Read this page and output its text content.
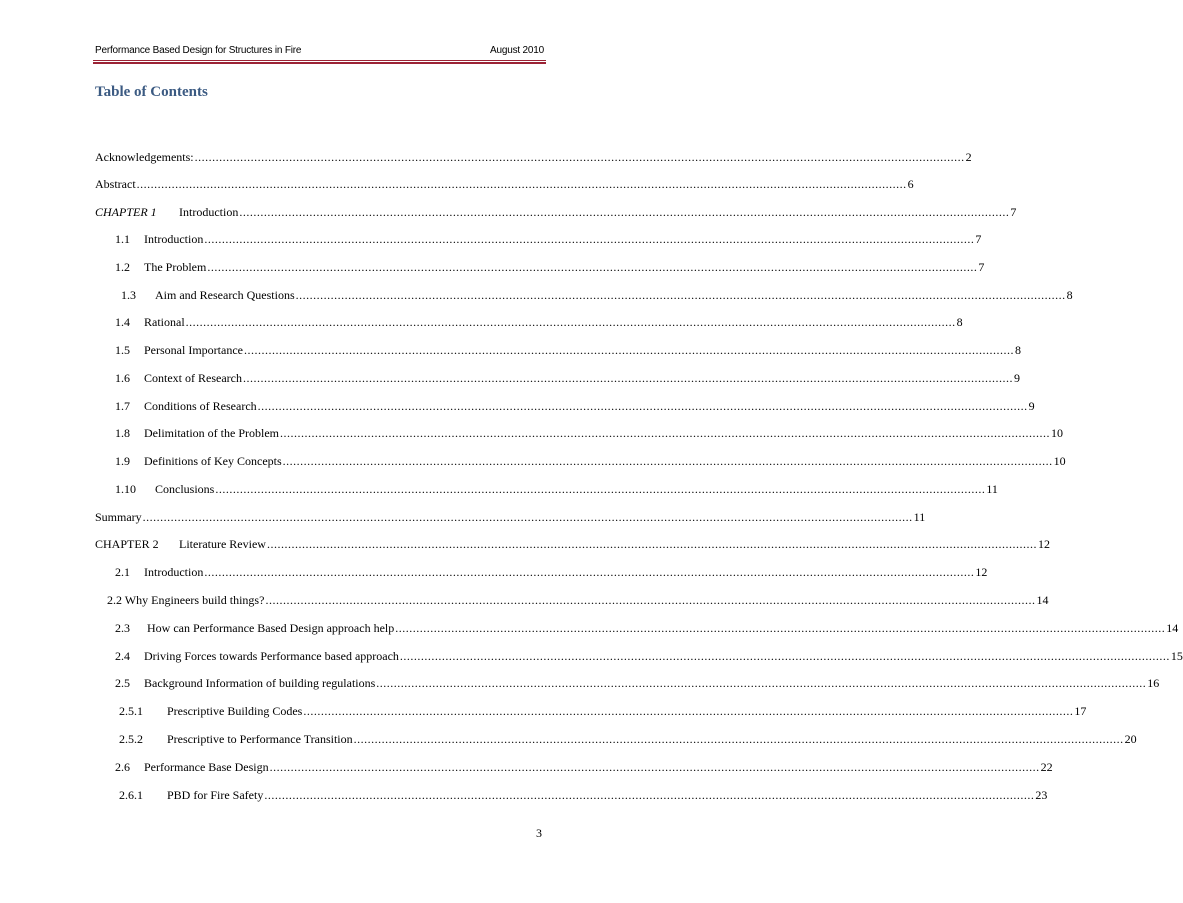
Performance Based Design for Structures in Fire	August 2010
Table of Contents
Acknowledgements: ............................................................................................................................................................................................................................ 2
Abstract ............................................................................................................................................................................................................................ 6
CHAPTER 1	Introduction ............................................................................................................................................................................................................................ 7
1.1	Introduction ............................................................................................................................................................................................................................ 7
1.2	The Problem ............................................................................................................................................................................................................................ 7
1.3	Aim and Research Questions ............................................................................................................................................................................................................................ 8
1.4	Rational ............................................................................................................................................................................................................................ 8
1.5	Personal Importance ............................................................................................................................................................................................................................ 8
1.6	Context of Research ............................................................................................................................................................................................................................ 9
1.7	Conditions of Research ............................................................................................................................................................................................................................ 9
1.8	Delimitation of the Problem ............................................................................................................................................................................................................................ 10
1.9	Definitions of Key Concepts ............................................................................................................................................................................................................................ 10
1.10	Conclusions ............................................................................................................................................................................................................................ 11
Summary ............................................................................................................................................................................................................................ 11
CHAPTER 2	Literature Review ............................................................................................................................................................................................................................ 12
2.1	Introduction ............................................................................................................................................................................................................................ 12
2.2 Why Engineers build things? ............................................................................................................................................................................................................................ 14
2.3	How can Performance Based Design approach help ............................................................................................................................................................................................................................ 14
2.4	Driving Forces towards Performance based approach ............................................................................................................................................................................................................................ 15
2.5	Background Information of building regulations ............................................................................................................................................................................................................................ 16
2.5.1	Prescriptive Building Codes ............................................................................................................................................................................................................................ 17
2.5.2	Prescriptive to Performance Transition ............................................................................................................................................................................................................................ 20
2.6	Performance Base Design ............................................................................................................................................................................................................................ 22
2.6.1	PBD for Fire Safety ............................................................................................................................................................................................................................ 23
3
